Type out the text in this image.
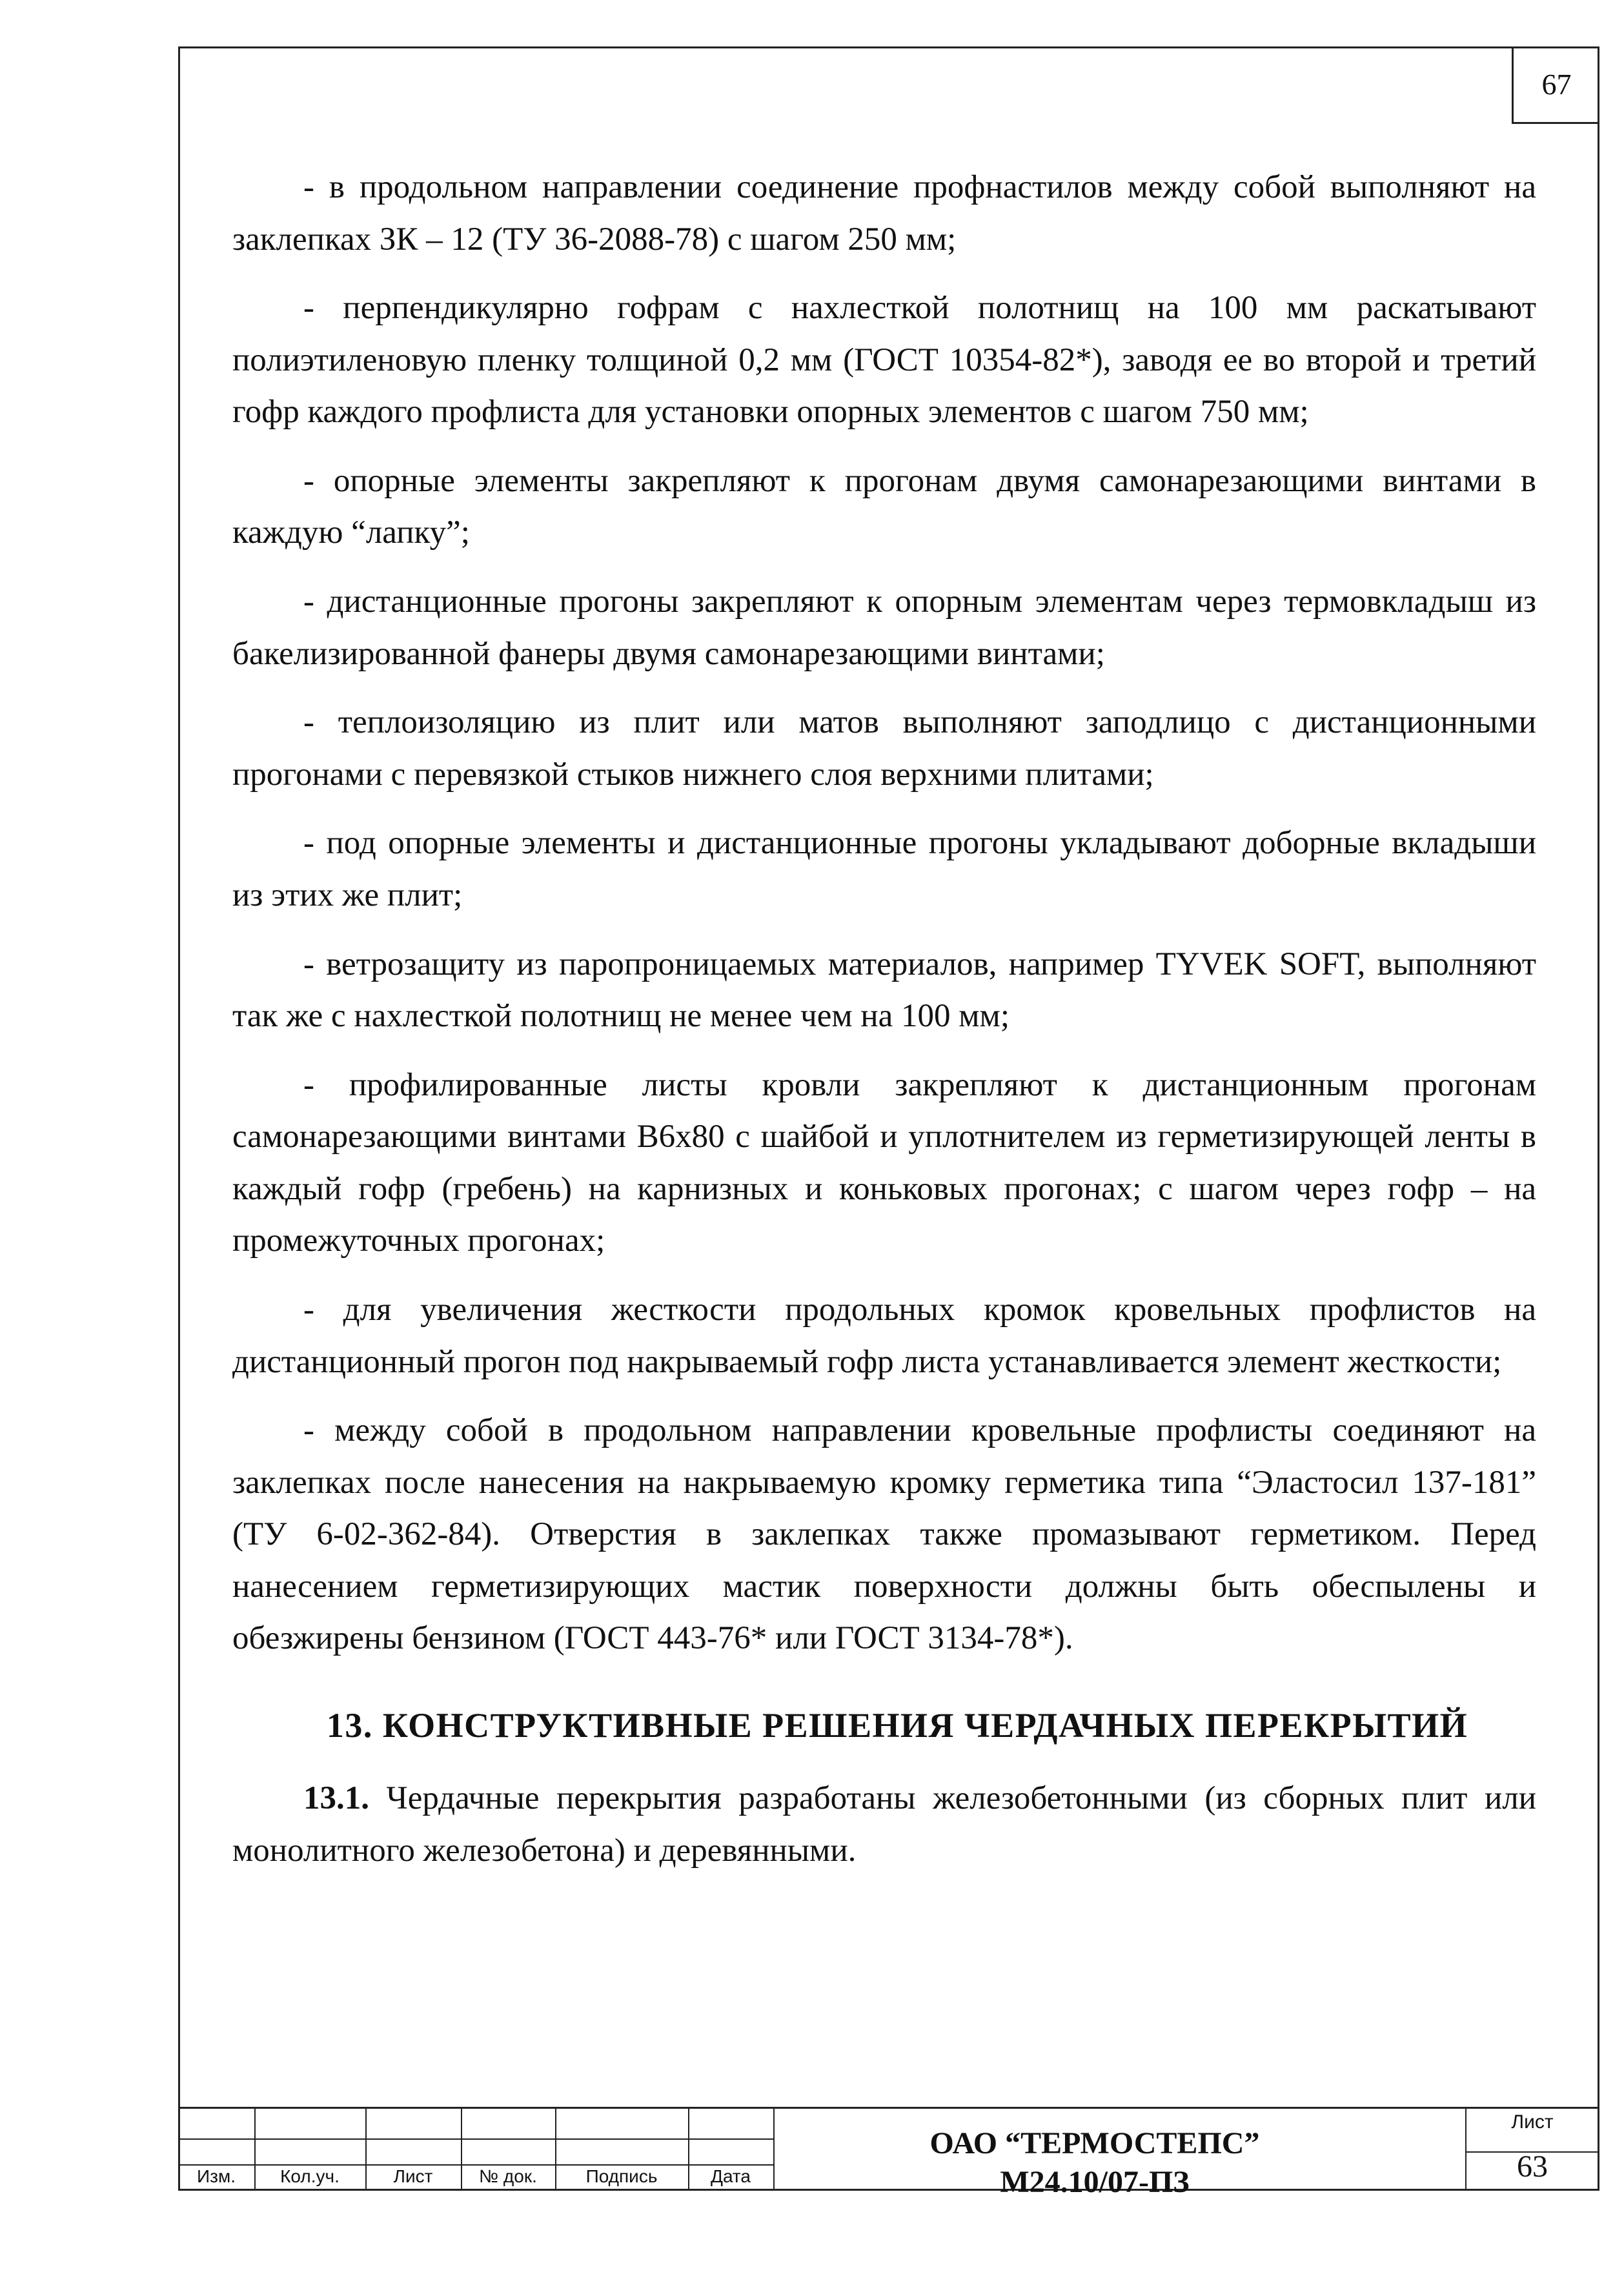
67

- в продольном направлении соединение профнастилов между собой выполняют на заклепках ЗК – 12 (ТУ 36-2088-78) с шагом 250 мм;

- перпендикулярно гофрам с нахлесткой полотнищ на 100 мм раскатывают полиэтиленовую пленку толщиной 0,2 мм (ГОСТ 10354-82*), заводя ее во второй и третий гофр каждого профлиста для установки опорных элементов с шагом 750 мм;

- опорные элементы закрепляют к прогонам двумя самонарезающими винтами в каждую “лапку”;

- дистанционные прогоны закрепляют к опорным элементам через термовкладыш из бакелизированной фанеры двумя самонарезающими винтами;

- теплоизоляцию из плит или матов выполняют заподлицо с дистанционными прогонами с перевязкой стыков нижнего слоя верхними плитами;

- под опорные элементы и дистанционные прогоны укладывают доборные вкладыши из этих же плит;

- ветрозащиту из паропроницаемых материалов, например TYVEK SOFT, выполняют так же с нахлесткой полотнищ не менее чем на 100 мм;

- профилированные листы кровли закрепляют к дистанционным прогонам самонарезающими винтами В6х80 с шайбой и уплотнителем из герметизирующей ленты в каждый гофр (гребень) на карнизных и коньковых прогонах; с шагом через гофр – на промежуточных прогонах;

- для увеличения жесткости продольных кромок кровельных профлистов на дистанционный прогон под накрываемый гофр листа устанавливается элемент жесткости;

- между собой в продольном направлении кровельные профлисты соединяют на заклепках после нанесения на накрываемую кромку герметика типа “Эластосил 137-181” (ТУ 6-02-362-84). Отверстия в заклепках также промазывают герметиком. Перед нанесением герметизирующих мастик поверхности должны быть обеспылены и обезжирены бензином (ГОСТ 443-76* или ГОСТ 3134-78*).

13. КОНСТРУКТИВНЫЕ РЕШЕНИЯ ЧЕРДАЧНЫХ ПЕРЕКРЫТИЙ

13.1. Чердачные перекрытия разработаны железобетонными (из сборных плит или монолитного железобетона) и деревянными.

Изм.	Кол.уч.	Лист	№ док.	Подпись	Дата
ОАО “ТЕРМОСТЕПС”
М24.10/07-ПЗ
Лист
63
